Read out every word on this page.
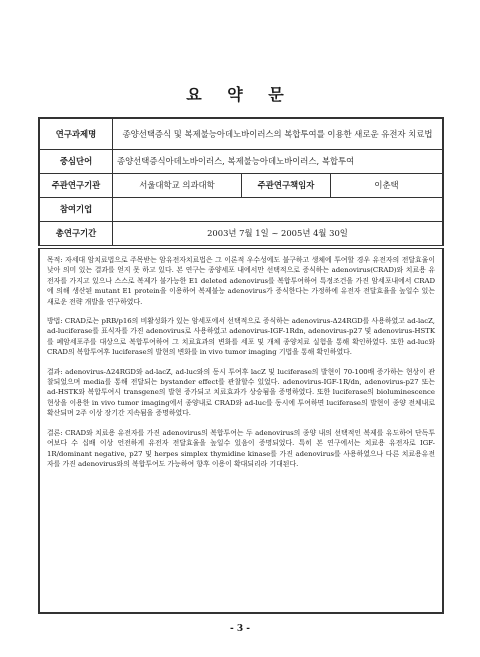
요 약 문
연구과제명	종양선택증식 및 복제불능아데노바이러스의 복합투여를 이용한 새로운 유전자 치료법		
중심단어	종양선택증식아데노바이러스, 복제불능아데노바이러스, 복합투여		
주관연구기관	서울대학교 의과대학	주관연구책임자	이춘택
참여기업			
총연구기간	2003년 7월 1일 ~ 2005년 4월 30일		

목적: 자세대 암치료법으로 주목받는 암유전자치료법은 그 이론적 우수성에도 불구하고 생체에 투여할 경우 유전자의 전달효율이 낮아 의미 있는 결과를 얻지 못 하고 있다. 본 연구는 종양세포 내에서만 선택적으로 증식하는 adenovirus(CRAD)와 치료용 유전자를 가지고 있으나 스스로 복제가 불가능한 E1 deleted adenovirus를 복합투여하여 특정조건을 가진 암세포내에서 CRAD에 의해 생산된 mutant E1 protein을 이용하여 복제불능 adenovirus가 증식한다는 가정하에 유전자 전달효율을 높일수 있는 새로운 전략 개발을 연구하였다.

방법: CRAD로는 pRB/p16의 비활성화가 있는 암세포에서 선택적으로 증식하는 adenovirus-Δ24RGD를 사용하였고 ad-lacZ, ad-luciferase를 표식자를 가진 adenovirus로 사용하였고 adenovirus-IGF-1Rdn, adenovirus-p27 및 adenovirus-HSTK를 폐암세포주를 대상으로 복합투여하여 그 치료효과의 변화를 세포 및 개체 종양치료 실험을 통해 확인하였다. 또한 ad-luc와 CRAD의 복합투여후 luciferase의 발현의 변화를 in vivo tumor imaging 기법을 통해 확인하였다.

결과: adenovirus-Δ24RGD와 ad-lacZ, ad-luc와의 동시 투여후 lacZ 및 luciferase의 발현이 70-100배 증가하는 현상이 관찰되었으며 media를 통해 전달되는 bystander effect를 관찰할수 있었다. adenovirus-IGF-1R/dn, adenovirus-p27 또는 ad-HSTK와 복합투여시 transgene의 발현 증가되고 치료효과가 상승됨을 증명하였다. 또한 luciferase의 bioluminescence 현상을 이용한 in vivo tumor imaging에서 종양내로 CRAD와 ad-luc를 동시에 투여하면 luciferase의 발현이 종양 전체내로 확산되며 2주 이상 장기간 지속됨을 증명하였다.

결론: CRAD와 치료용 유전자를 가진 adenovirus의 복합투여는 두 adenovirus의 종양 내의 선택적인 복제를 유도하여 단독투여보다 수 십배 이상 언전하게 유전자 전달효율을 높일수 있음이 증명되었다. 특히 본 연구에서는 치료용 유전자로 IGF-1R/dominant negative, p27 및 herpes simplex thymidine kinase를 가진 adenovirus를 사용하였으나 다른 치료용유전자를 가진 adenovirus와의 복합투여도 가능하여 향후 이용이 확대되리라 기대된다.

- 3 -
